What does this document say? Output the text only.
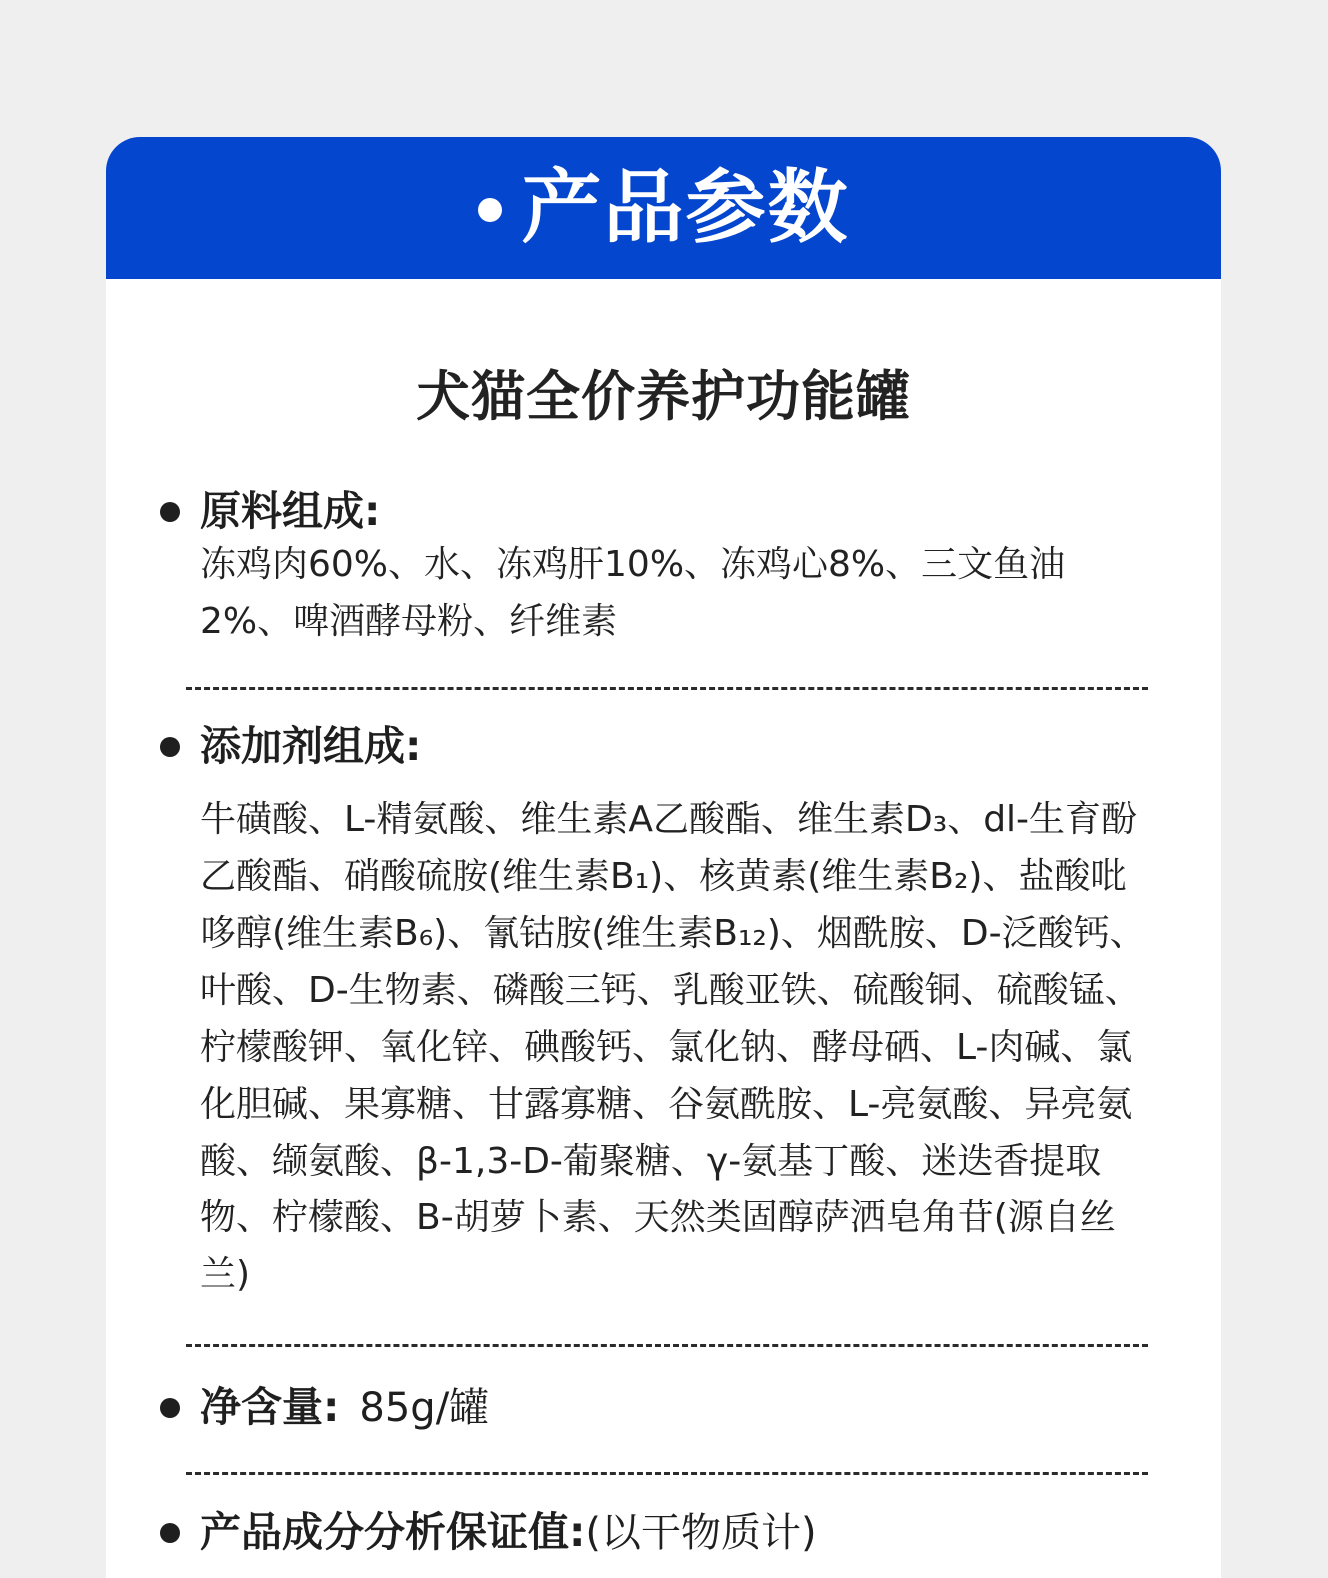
产品参数
犬猫全价养护功能罐
原料组成:
冻鸡肉60%、水、冻鸡肝10%、冻鸡心8%、三文鱼油2%、啤酒酵母粉、纤维素
添加剂组成:
牛磺酸、L-精氨酸、维生素A乙酸酯、维生素D₃、dl-生育酚乙酸酯、硝酸硫胺(维生素B₁)、核黄素(维生素B₂)、盐酸吡哆醇(维生素B₆)、氰钴胺(维生素B₁₂)、烟酰胺、D-泛酸钙、叶酸、D-生物素、磷酸三钙、乳酸亚铁、硫酸铜、硫酸锰、柠檬酸钾、氧化锌、碘酸钙、氯化钠、酵母硒、L-肉碱、氯化胆碱、果寡糖、甘露寡糖、谷氨酰胺、L-亮氨酸、异亮氨酸、缬氨酸、β-1,3-D-葡聚糖、γ-氨基丁酸、迷迭香提取物、柠檬酸、B-胡萝卜素、天然类固醇萨洒皂角苷(源自丝兰)
净含量: 85g/罐
产品成分分析保证值: (以干物质计)
